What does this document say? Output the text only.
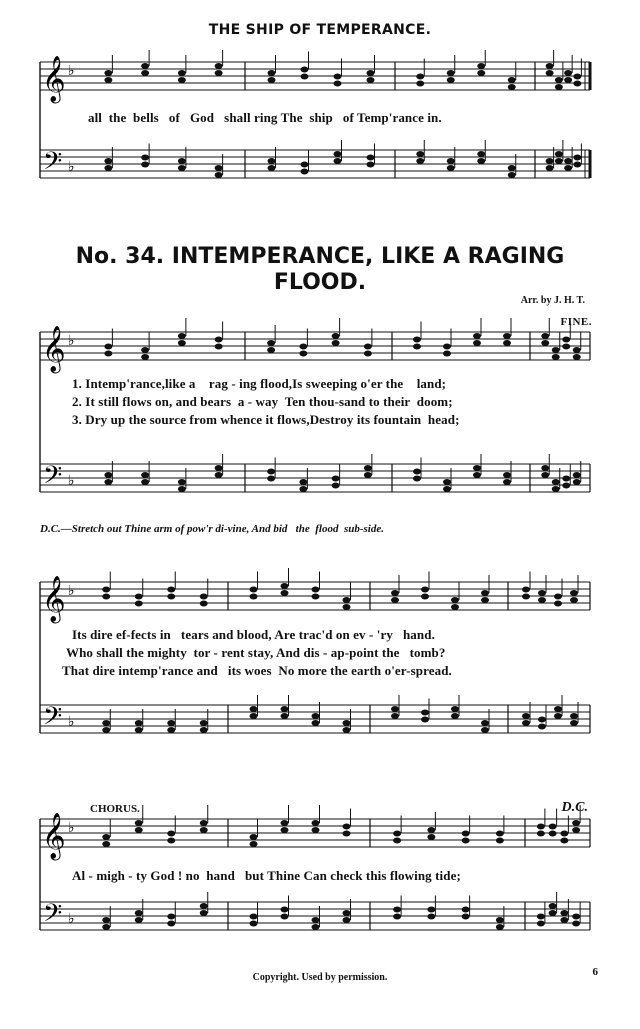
THE SHIP OF TEMPERANCE.
𝄞
𝄢
♭
♭
𝄞
𝄢
♭
♭
𝄞
𝄢
♭
♭
𝄞
𝄢
♭
♭
all  the  bells   of   God   shall ring The  ship   of Temp'rance in.
No. 34. INTEMPERANCE, LIKE A RAGING FLOOD.
Arr. by J. H. T.
FINE.
1. Intemp'rance,like a    rag - ing flood,Is sweeping o'er the    land;
2. It still flows on, and bears  a - way  Ten thou-sand to their  doom;
3. Dry up the source from whence it flows,Destroy its fountain  head;
D.C.—Stretch out Thine arm of pow'r di-vine, And bid   the  flood  sub-side.
Its dire ef-fects in   tears and blood, Are trac'd on ev - 'ry   hand.
Who shall the mighty  tor - rent stay, And dis - ap-point the   tomb?
That dire intemp'rance and   its woes  No more the earth o'er-spread.
CHORUS.	D.C.
Al - migh - ty God ! no  hand   but Thine Can check this flowing tide;
Copyright. Used by permission.	6
